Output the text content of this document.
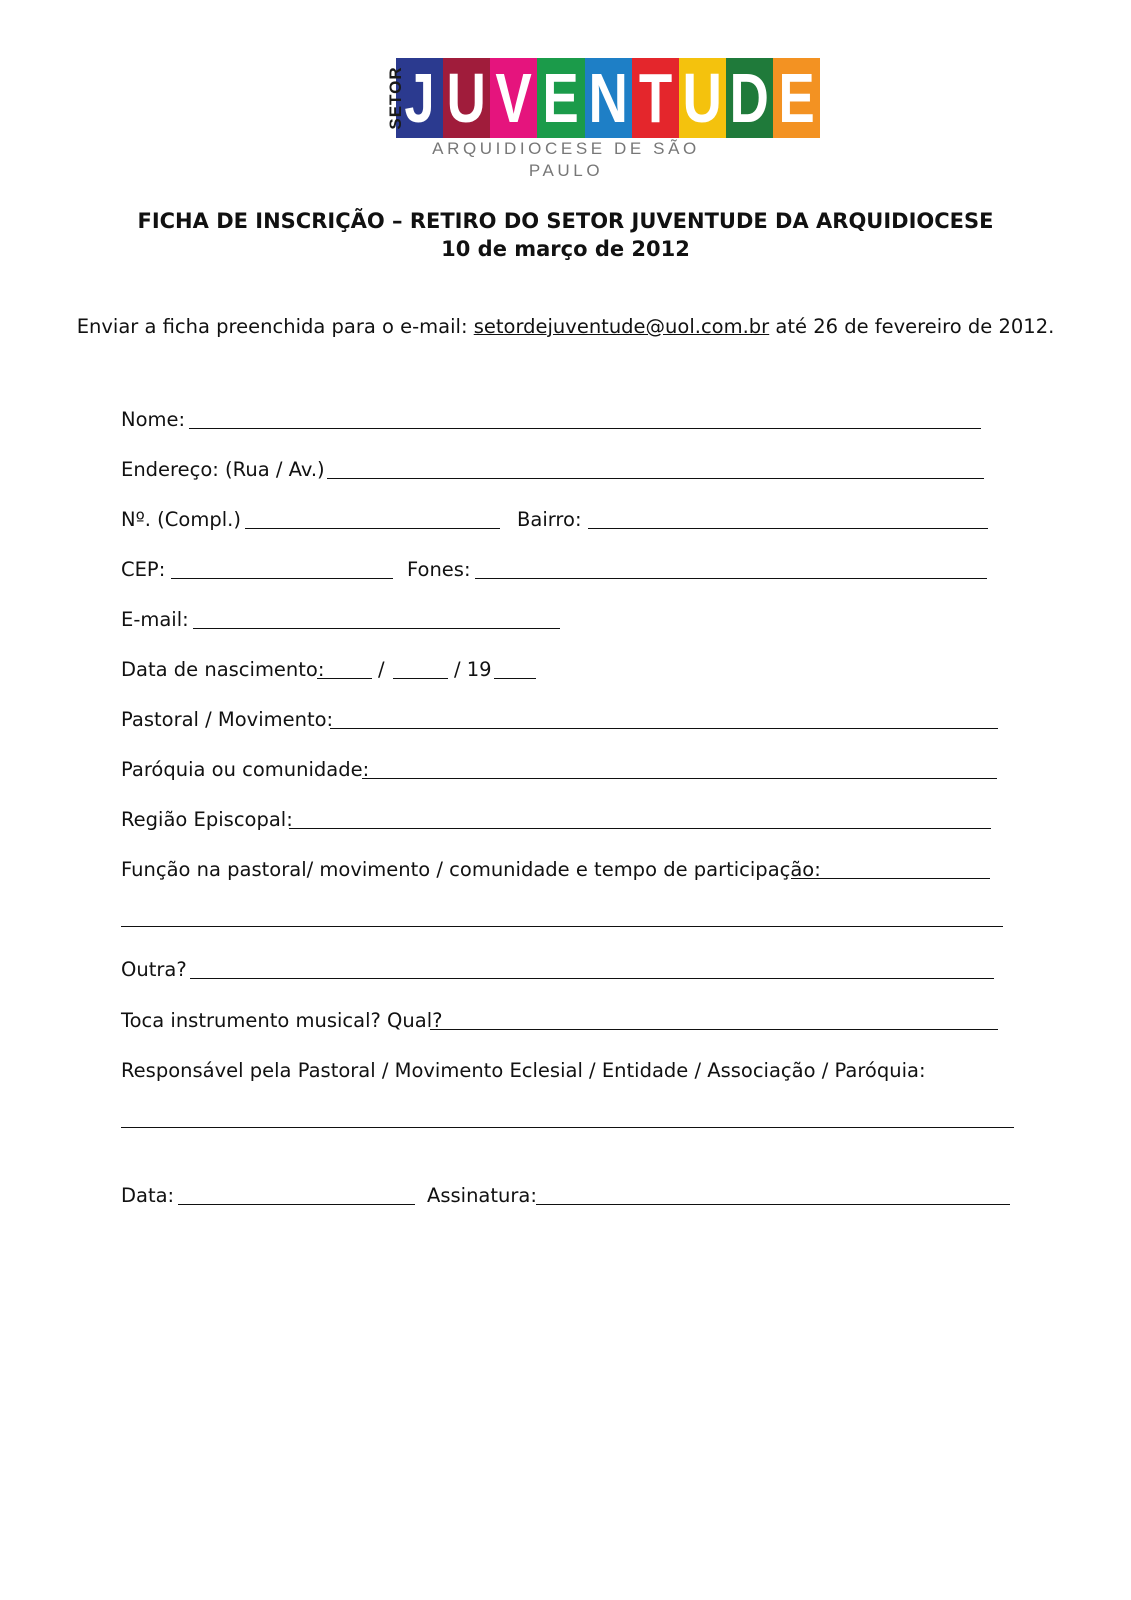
SETOR J U V E N T U D E
ARQUIDIOCESE DE SÃO PAULO
FICHA DE INSCRIÇÃO – RETIRO DO SETOR JUVENTUDE DA ARQUIDIOCESE
10 de março de 2012
Enviar a ficha preenchida para o e-mail: setordejuventude@uol.com.br até 26 de fevereiro de 2012.
Nome:
Endereço: (Rua / Av.)
Nº. (Compl.)	Bairro:
CEP:	Fones:
E-mail:
Data de nascimento:	/	/ 19
Pastoral / Movimento:
Paróquia ou comunidade:
Região Episcopal:
Função na pastoral/ movimento / comunidade e tempo de participação:
Outra?
Toca instrumento musical? Qual?
Responsável pela Pastoral / Movimento Eclesial / Entidade / Associação / Paróquia:
Data:	Assinatura:
